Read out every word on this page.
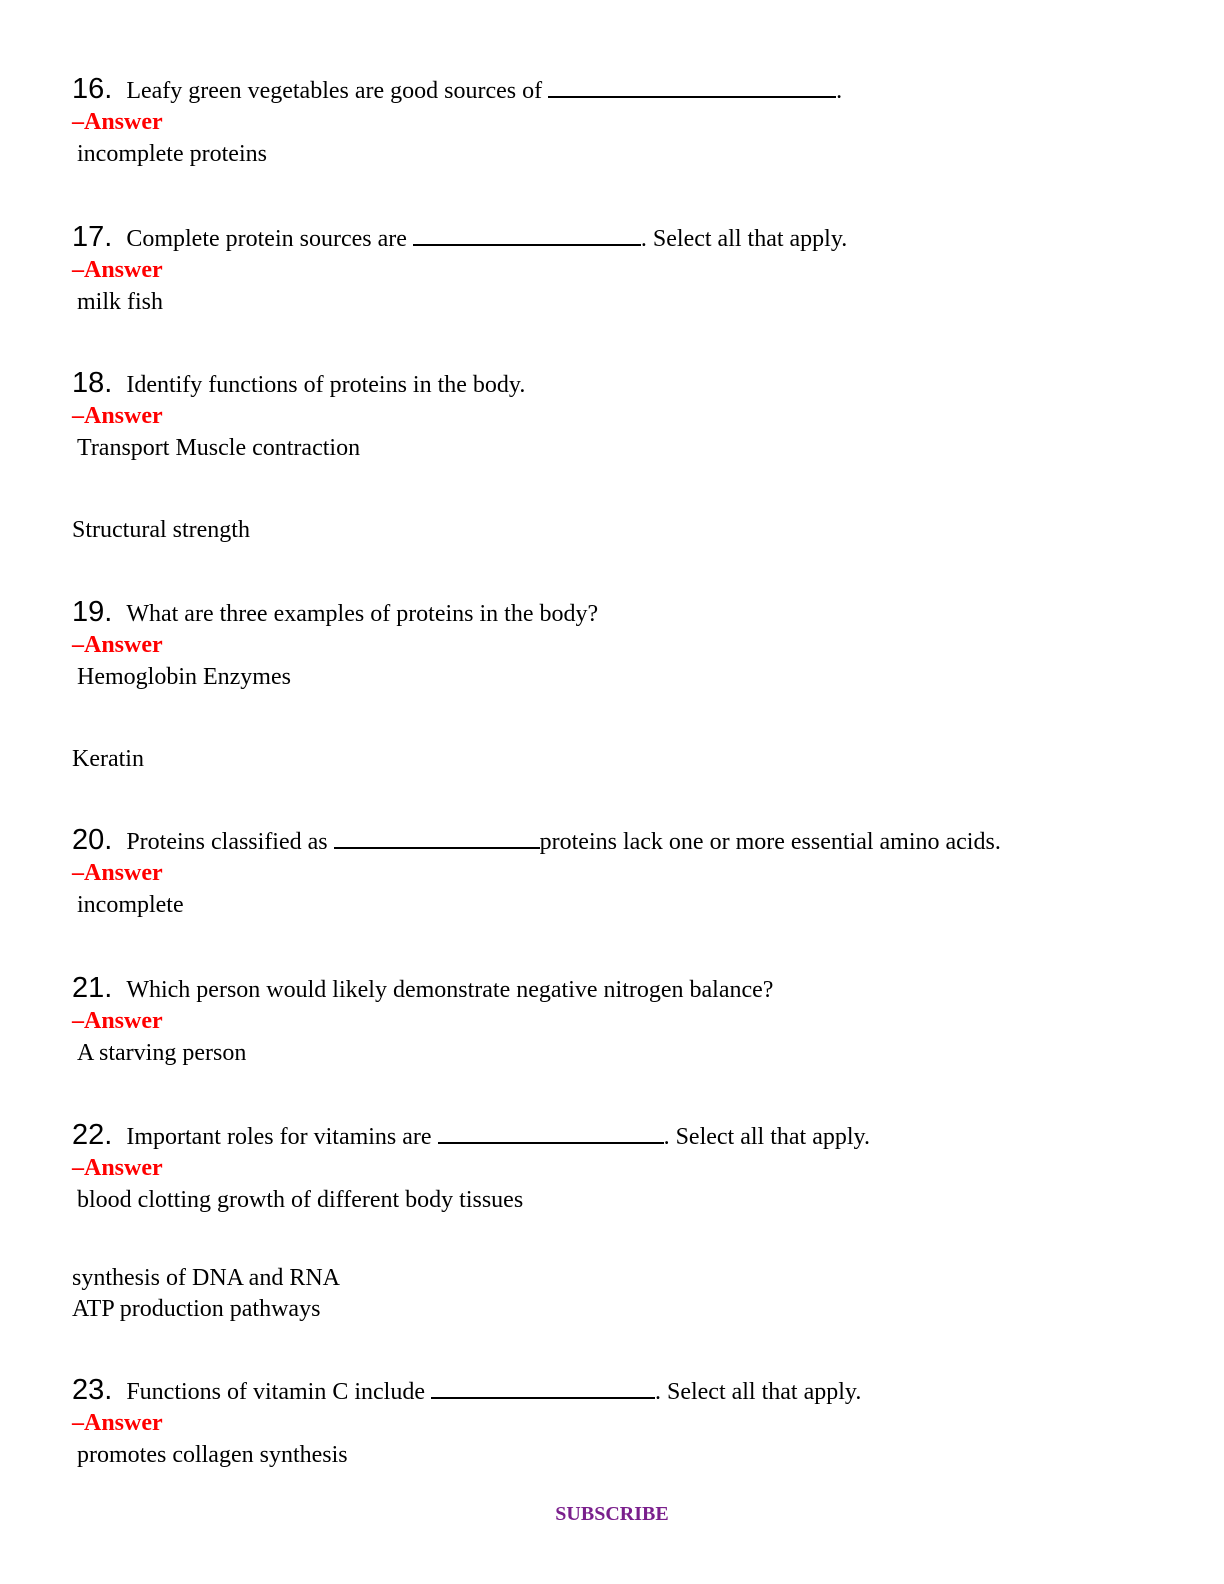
16. Leafy green vegetables are good sources of	.
–Answer
incomplete proteins
17. Complete protein sources are	. Select all that apply.
–Answer
milk fish
18. Identify functions of proteins in the body.
–Answer
Transport Muscle contraction
Structural strength
19. What are three examples of proteins in the body?
–Answer
Hemoglobin Enzymes
Keratin
20. Proteins classified as	proteins lack one or more essential amino acids.
–Answer
incomplete
21. Which person would likely demonstrate negative nitrogen balance?
–Answer
A starving person
22. Important roles for vitamins are	. Select all that apply.
–Answer
blood clotting growth of different body tissues
synthesis of DNA and RNA
ATP production pathways
23. Functions of vitamin C include	. Select all that apply.
–Answer
promotes collagen synthesis
SUBSCRIBE
